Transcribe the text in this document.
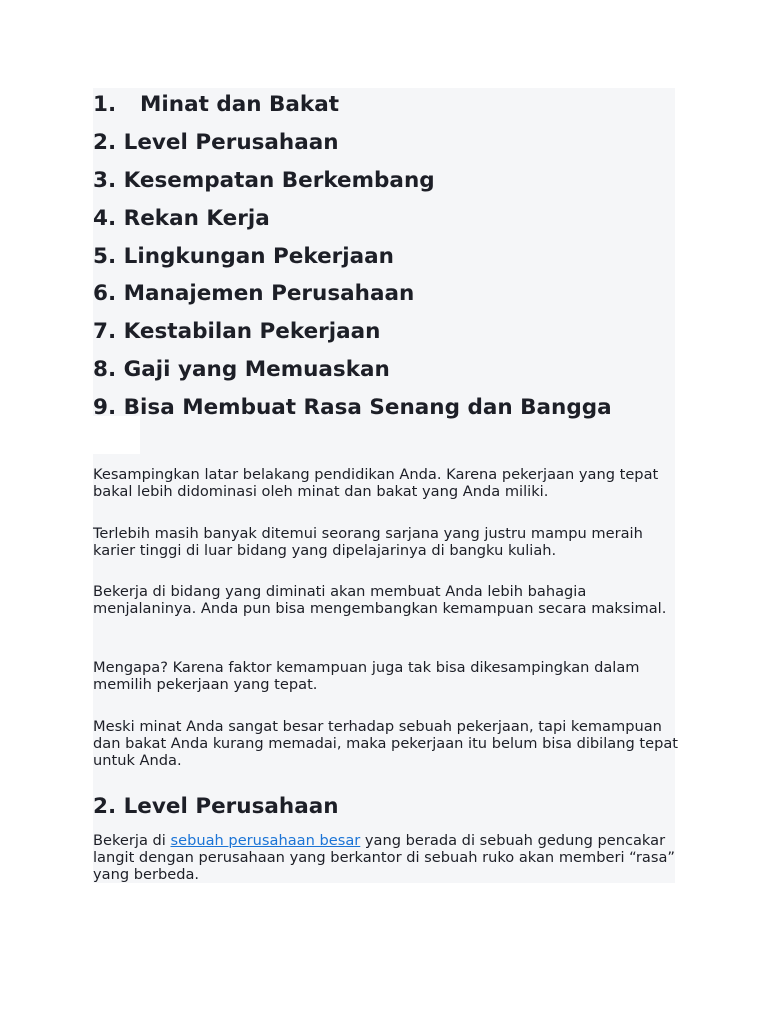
1. Minat dan Bakat
2. Level Perusahaan
3. Kesempatan Berkembang
4. Rekan Kerja
5. Lingkungan Pekerjaan
6. Manajemen Perusahaan
7. Kestabilan Pekerjaan
8. Gaji yang Memuaskan
9. Bisa Membuat Rasa Senang dan Bangga

Kesampingkan latar belakang pendidikan Anda. Karena pekerjaan yang tepat bakal lebih didominasi oleh minat dan bakat yang Anda miliki.

Terlebih masih banyak ditemui seorang sarjana yang justru mampu meraih karier tinggi di luar bidang yang dipelajarinya di bangku kuliah.

Bekerja di bidang yang diminati akan membuat Anda lebih bahagia menjalaninya. Anda pun bisa mengembangkan kemampuan secara maksimal.

Mengapa? Karena faktor kemampuan juga tak bisa dikesampingkan dalam memilih pekerjaan yang tepat.

Meski minat Anda sangat besar terhadap sebuah pekerjaan, tapi kemampuan dan bakat Anda kurang memadai, maka pekerjaan itu belum bisa dibilang tepat untuk Anda.

2. Level Perusahaan

Bekerja di sebuah perusahaan besar yang berada di sebuah gedung pencakar langit dengan perusahaan yang berkantor di sebuah ruko akan memberi “rasa” yang berbeda.
